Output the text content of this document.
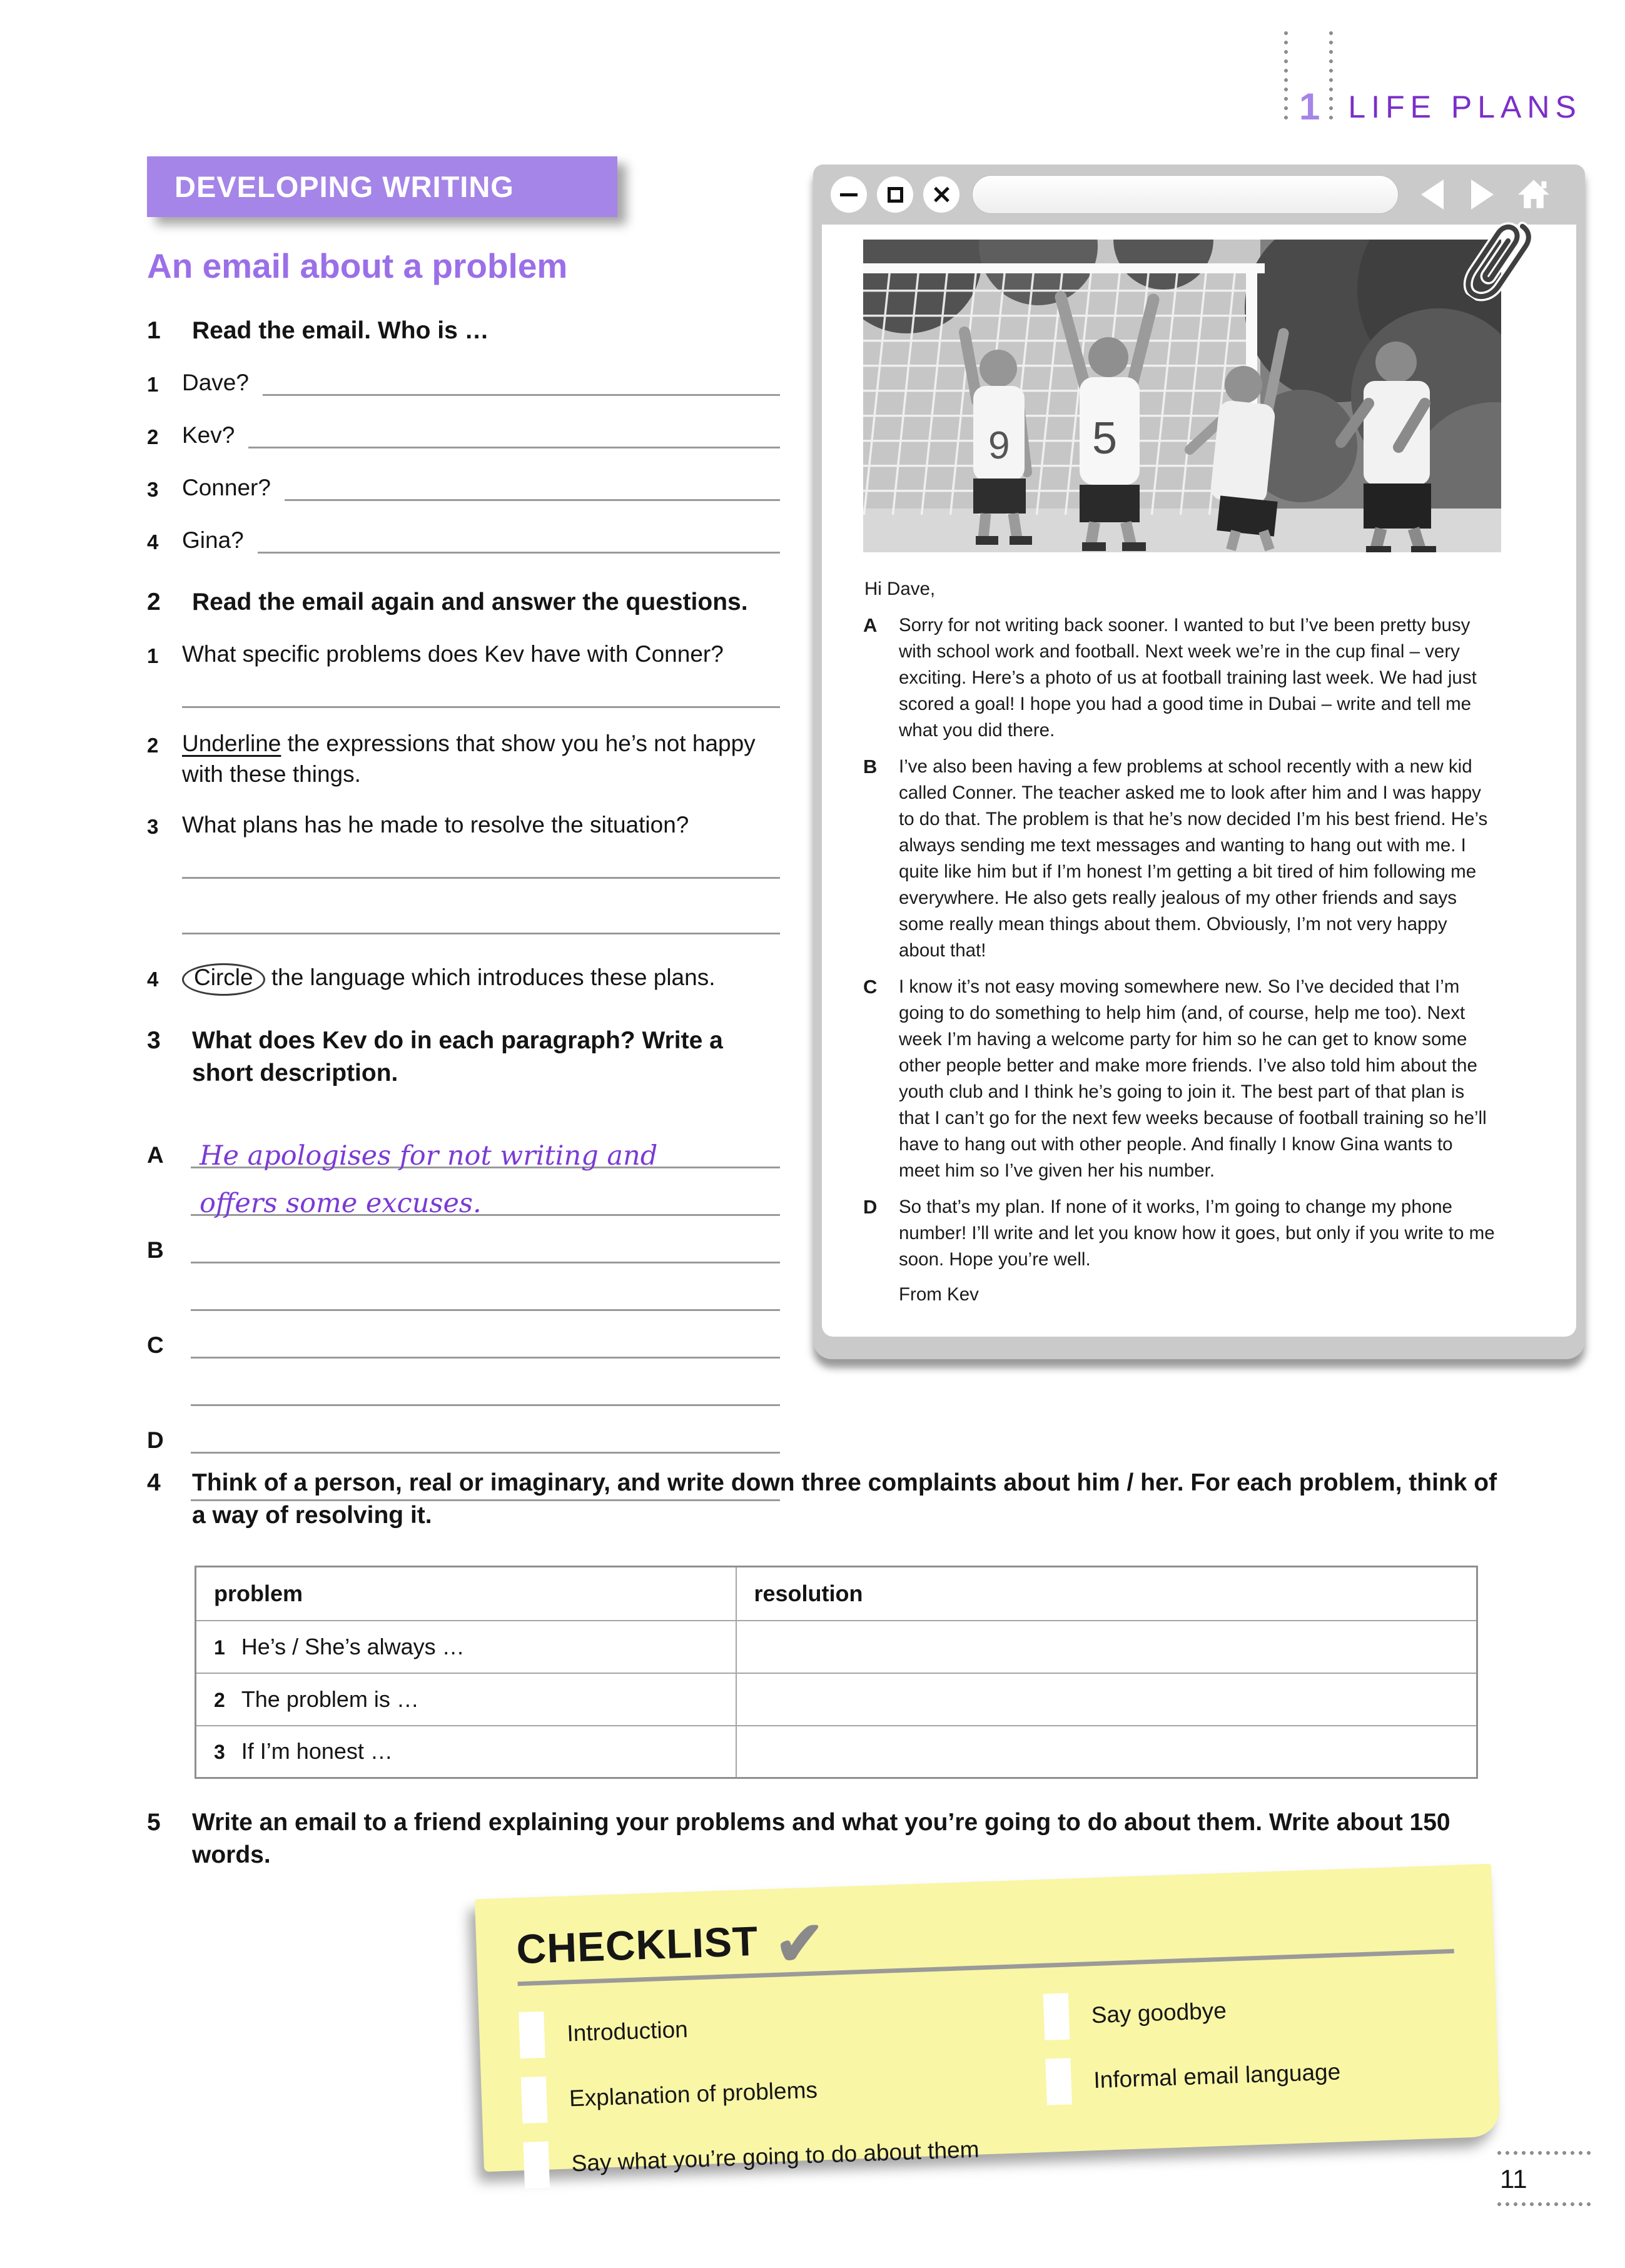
1 LIFE PLANS
DEVELOPING WRITING
An email about a problem
1	Read the email. Who is …
1	Dave?
2	Kev?
3	Conner?
4	Gina?
2	Read the email again and answer the questions.
1	What specific problems does Kev have with Conner?
2	Underline the expressions that show you he’s not happy with these things.
3	What plans has he made to resolve the situation?
4	Circle the language which introduces these plans.
3	What does Kev do in each paragraph? Write a short description.
A	He apologises for not writing and
offers some excuses.
B
C
D
9 5
Hi Dave,
A	Sorry for not writing back sooner. I wanted to but I’ve been pretty busy with school work and football. Next week we’re in the cup final – very exciting. Here’s a photo of us at football training last week. We had just scored a goal! I hope you had a good time in Dubai – write and tell me what you did there.
B	I’ve also been having a few problems at school recently with a new kid called Conner. The teacher asked me to look after him and I was happy to do that. The problem is that he’s now decided I’m his best friend. He’s always sending me text messages and wanting to hang out with me. I quite like him but if I’m honest I’m getting a bit tired of him following me everywhere. He also gets really jealous of my other friends and says some really mean things about them. Obviously, I’m not very happy about that!
C	I know it’s not easy moving somewhere new. So I’ve decided that I’m going to do something to help him (and, of course, help me too). Next week I’m having a welcome party for him so he can get to know some other people better and make more friends. I’ve also told him about the youth club and I think he’s going to join it. The best part of that plan is that I can’t go for the next few weeks because of football training so he’ll have to hang out with other people. And finally I know Gina wants to meet him so I’ve given her his number.
D	So that’s my plan. If none of it works, I’m going to change my phone number! I’ll write and let you know how it goes, but only if you write to me soon. Hope you’re well.
From Kev
4	Think of a person, real or imaginary, and write down three complaints about him / her. For each problem, think of a way of resolving it.
problem	resolution
1 He’s / She’s always …	
2 The problem is …	
3 If I’m honest …	
5	Write an email to a friend explaining your problems and what you’re going to do about them. Write about 150 words.
CHECKLIST ✔
Introduction
Explanation of problems
Say what you’re going to do about them
Say goodbye
Informal email language
11
